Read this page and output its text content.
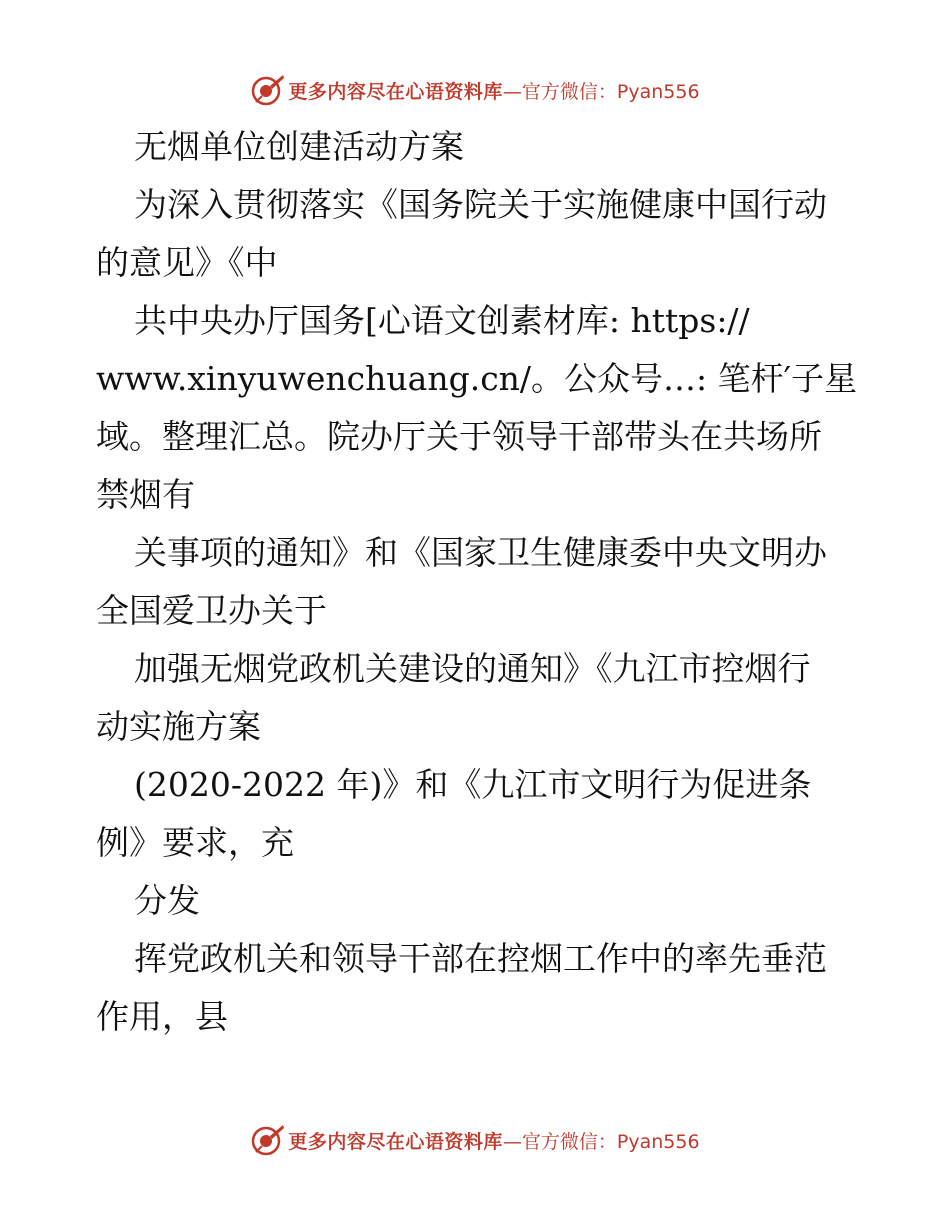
更多内容尽在心语资料库 —官方微信：Pyan556
无烟单位创建活动方案
为深入贯彻落实《国务院关于实施健康中国行动
的意见》《中
共中央办厅国务[心语文创素材库: https://
www.xinyuwenchuang.cn/。公众号…: 笔杆′子星
域。整理汇总。院办厅关于领导干部带头在共场所
禁烟有
关事项的通知》和《国家卫生健康委中央文明办
全国爱卫办关于
加强无烟党政机关建设的通知》《九江市控烟行
动实施方案
(2020-2022 年)》和《九江市文明行为促进条
例》要求，充
分发
挥党政机关和领导干部在控烟工作中的率先垂范
作用，县
更多内容尽在心语资料库 —官方微信：Pyan556
